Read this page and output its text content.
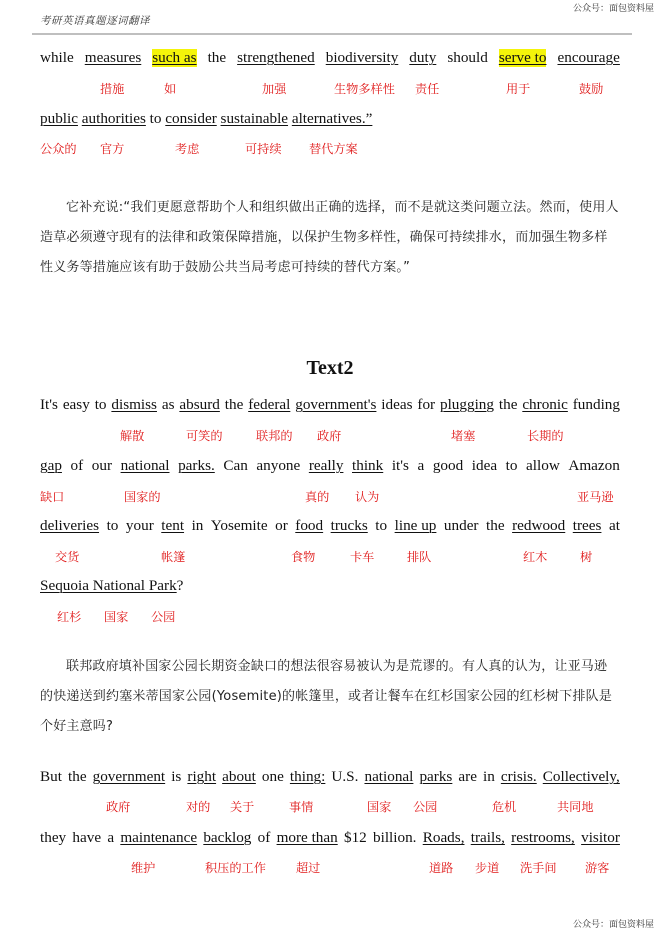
公众号：面包资料屋
考研英语真题逐词翻译
while measures such as the strengthened biodiversity duty should serve to encourage
措施	如	加强	生物多样性 责任	用于	鼓励
public authorities to consider sustainable alternatives.”
公众的 官方	考虑	可持续 替代方案
它补充说:“我们更愿意帮助个人和组织做出正确的选择，而不是就这类问题立法。然而，使用人造草必须遵守现有的法律和政策保障措施，以保护生物多样性，确保可持续排水，而加强生物多样性义务等措施应该有助于鼓励公共当局考虑可持续的替代方案。”
Text2
It's easy to dismiss as absurd the federal government's ideas for plugging the chronic funding
解散	可笑的	联邦的 政府	堵塞	长期的
gap of our national parks. Can anyone really think it's a good idea to allow Amazon
缺口	国家的	真的 认为	亚马逊
deliveries to your tent in Yosemite or food trucks to line up under the redwood trees at
交货	帐篷	食物	卡车	排队	红木	树
Sequoia National Park?
红杉 国家 公园
联邦政府填补国家公园长期资金缺口的想法很容易被认为是荒谬的。有人真的认为，让亚马逊的快递送到约塞米蒂国家公园(Yosemite)的帐篷里，或者让餐车在红杉国家公园的红杉树下排队是个好主意吗?
But the government is right about one thing: U.S. national parks are in crisis. Collectively,
政府	对的 关于	事情	国家 公园	危机	共同地
they have a maintenance backlog of more than $12 billion. Roads, trails, restrooms, visitor
维护	积压的工作 超过	道路 步道 洗手间 游客
公众号：面包资料屋
